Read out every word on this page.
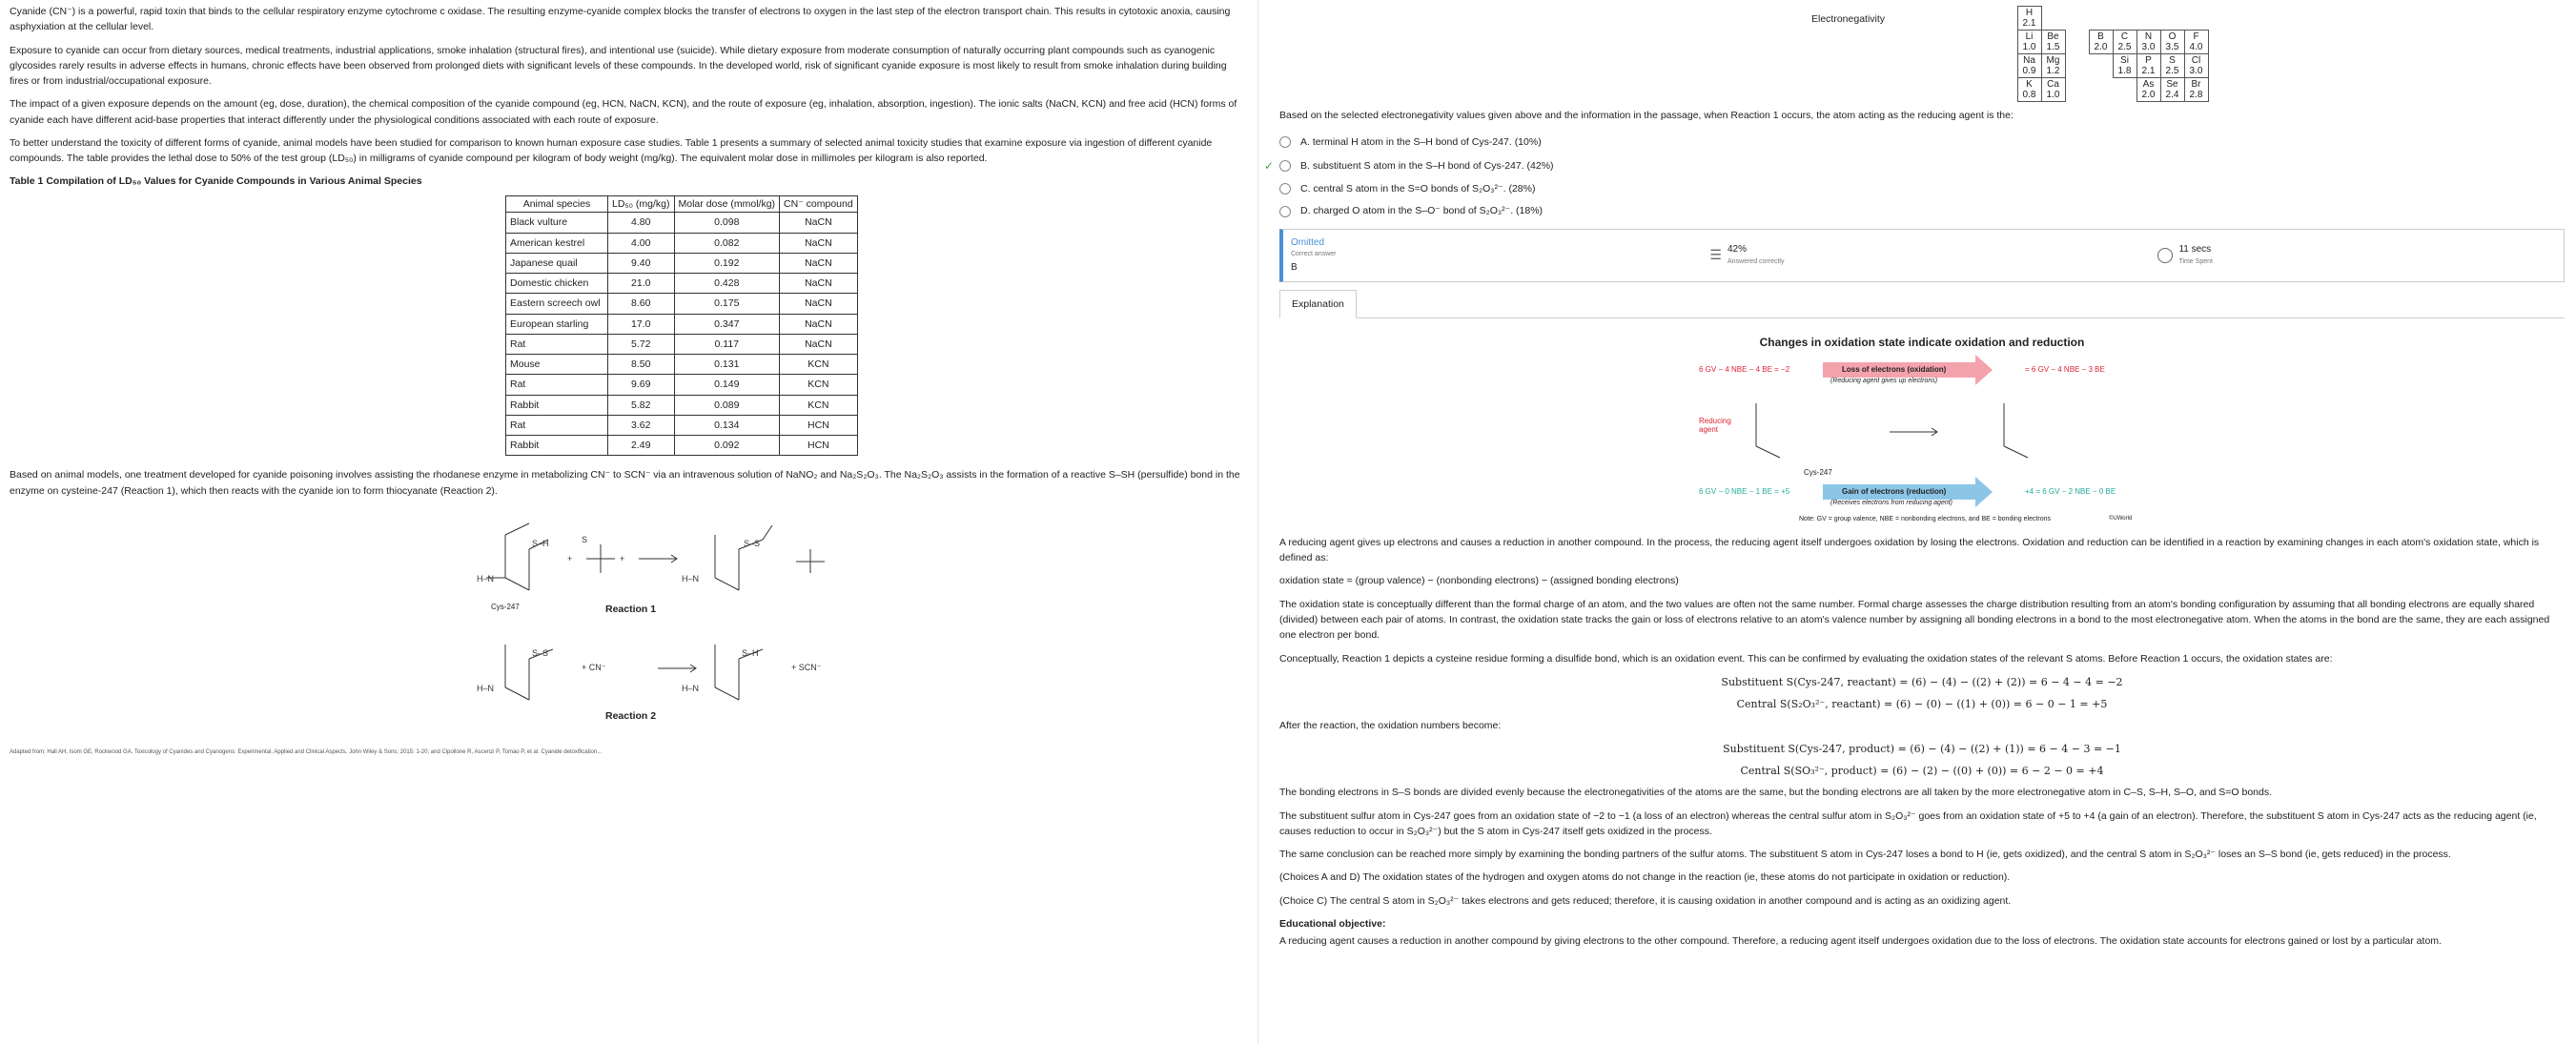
Cyanide (CN⁻) is a powerful, rapid toxin that binds to the cellular respiratory enzyme cytochrome c oxidase. The resulting enzyme-cyanide complex blocks the transfer of electrons to oxygen in the last step of the electron transport chain. This results in cytotoxic anoxia, causing asphyxiation at the cellular level.

Exposure to cyanide can occur from dietary sources, medical treatments, industrial applications, smoke inhalation (structural fires), and intentional use (suicide). While dietary exposure from moderate consumption of naturally occurring plant compounds such as cyanogenic glycosides rarely results in adverse effects in humans, chronic effects have been observed from prolonged diets with significant levels of these compounds. In the developed world, risk of significant cyanide exposure is most likely to result from smoke inhalation during building fires or from industrial/occupational exposure.

The impact of a given exposure depends on the amount (eg, dose, duration), the chemical composition of the cyanide compound (eg, HCN, NaCN, KCN), and the route of exposure (eg, inhalation, absorption, ingestion). The ionic salts (NaCN, KCN) and free acid (HCN) forms of cyanide each have different acid-base properties that interact differently under the physiological conditions associated with each route of exposure.

To better understand the toxicity of different forms of cyanide, animal models have been studied for comparison to known human exposure case studies. Table 1 presents a summary of selected animal toxicity studies that examine exposure via ingestion of different cyanide compounds. The table provides the lethal dose to 50% of the test group (LD₅₀) in milligrams of cyanide compound per kilogram of body weight (mg/kg). The equivalent molar dose in millimoles per kilogram is also reported.

Table 1 Compilation of LD₅₀ Values for Cyanide Compounds in Various Animal Species
Animal species	LD₅₀ (mg/kg)	Molar dose (mmol/kg)	CN⁻ compound
Black vulture	4.80	0.098	NaCN
American kestrel	4.00	0.082	NaCN
Japanese quail	9.40	0.192	NaCN
Domestic chicken	21.0	0.428	NaCN
Eastern screech owl	8.60	0.175	NaCN
European starling	17.0	0.347	NaCN
Rat	5.72	0.117	NaCN
Mouse	8.50	0.131	KCN
Rat	9.69	0.149	KCN
Rabbit	5.82	0.089	KCN
Rat	3.62	0.134	HCN
Rabbit	2.49	0.092	HCN

Based on animal models, one treatment developed for cyanide poisoning involves assisting the rhodanese enzyme in metabolizing CN⁻ to SCN⁻ via an intravenous solution of NaNO₂ and Na₂S₂O₃. The Na₂S₂O₃ assists in the formation of a reactive S–SH (persulfide) bond in the enzyme on cysteine-247 (Reaction 1), which then reacts with the cyanide ion to form thiocyanate (Reaction 2).

H–N
S–H	S
+
+
H–N
S–S
H–N
S–S
+ CN⁻
H–N
S–H
+ SCN⁻
Cys-247	Reaction 1
Reaction 2
Adapted from: Hall AH, Isom GE, Rockwood GA. Toxicology of Cyanides and Cyanogens: Experimental, Applied and Clinical Aspects. John Wiley & Sons; 2015: 1-20; and Cipollone R, Ascenzi P, Tomao P, et al. Cyanide detoxification...
H 2.1							
Li 1.0	Be 1.5		B 2.0	C 2.5	N 3.0	O 3.5	F 4.0
Na 0.9	Mg 1.2			Si 1.8	P 2.1	S 2.5	Cl 3.0
K 0.8	Ca 1.0				As 2.0	Se 2.4	Br 2.8
Electronegativity
Based on the selected electronegativity values given above and the information in the passage, when Reaction 1 occurs, the atom acting as the reducing agent is the:
A. terminal H atom in the S–H bond of Cys-247. (10%)
✓	B. substituent S atom in the S–H bond of Cys-247. (42%)
C. central S atom in the S=O bonds of S₂O₃²⁻. (28%)
D. charged O atom in the S–O⁻ bond of S₂O₃²⁻. (18%)
Omitted
Correct answer
B
☰ 42%
Answered correctly
11 secs
Time Spent
Explanation
Changes in oxidation state indicate oxidation and reduction
6 GV − 4 NBE − 4 BE = −2	Loss of electrons (oxidation)
(Reducing agent gives up electrons)
= 6 GV − 4 NBE − 3 BE
Reducing agent
Cys-247
6 GV − 0 NBE − 1 BE = +5	Gain of electrons (reduction)
(Receives electrons from reducing agent)
+4 = 6 GV − 2 NBE − 0 BE
Note: GV = group valence, NBE = nonbonding electrons, and BE = bonding electrons	©UWorld

A reducing agent gives up electrons and causes a reduction in another compound. In the process, the reducing agent itself undergoes oxidation by losing the electrons. Oxidation and reduction can be identified in a reaction by examining changes in each atom's oxidation state, which is defined as:

oxidation state = (group valence) − (nonbonding electrons) − (assigned bonding electrons)

The oxidation state is conceptually different than the formal charge of an atom, and the two values are often not the same number. Formal charge assesses the charge distribution resulting from an atom's bonding configuration by assuming that all bonding electrons are equally shared (divided) between each pair of atoms. In contrast, the oxidation state tracks the gain or loss of electrons relative to an atom's valence number by assigning all bonding electrons in a bond to the most electronegative atom. When the atoms in the bond are the same, they are each assigned one electron per bond.

Conceptually, Reaction 1 depicts a cysteine residue forming a disulfide bond, which is an oxidation event. This can be confirmed by evaluating the oxidation states of the relevant S atoms. Before Reaction 1 occurs, the oxidation states are:

Substituent S(Cys-247, reactant) = (6) − (4) − ((2) + (2)) = 6 − 4 − 4 = −2
Central S(S₂O₃²⁻, reactant) = (6) − (0) − ((1) + (0)) = 6 − 0 − 1 = +5

After the reaction, the oxidation numbers become:

Substituent S(Cys-247, product) = (6) − (4) − ((2) + (1)) = 6 − 4 − 3 = −1
Central S(SO₃²⁻, product) = (6) − (2) − ((0) + (0)) = 6 − 2 − 0 = +4

The bonding electrons in S–S bonds are divided evenly because the electronegativities of the atoms are the same, but the bonding electrons are all taken by the more electronegative atom in C–S, S–H, S–O, and S=O bonds.

The substituent sulfur atom in Cys-247 goes from an oxidation state of −2 to −1 (a loss of an electron) whereas the central sulfur atom in S₂O₃²⁻ goes from an oxidation state of +5 to +4 (a gain of an electron). Therefore, the substituent S atom in Cys-247 acts as the reducing agent (ie, causes reduction to occur in S₂O₃²⁻) but the S atom in Cys-247 itself gets oxidized in the process.

The same conclusion can be reached more simply by examining the bonding partners of the sulfur atoms. The substituent S atom in Cys-247 loses a bond to H (ie, gets oxidized), and the central S atom in S₂O₃²⁻ loses an S–S bond (ie, gets reduced) in the process.

(Choices A and D) The oxidation states of the hydrogen and oxygen atoms do not change in the reaction (ie, these atoms do not participate in oxidation or reduction).

(Choice C) The central S atom in S₂O₃²⁻ takes electrons and gets reduced; therefore, it is causing oxidation in another compound and is acting as an oxidizing agent.

Educational objective:

A reducing agent causes a reduction in another compound by giving electrons to the other compound. Therefore, a reducing agent itself undergoes oxidation due to the loss of electrons. The oxidation state accounts for electrons gained or lost by a particular atom.
